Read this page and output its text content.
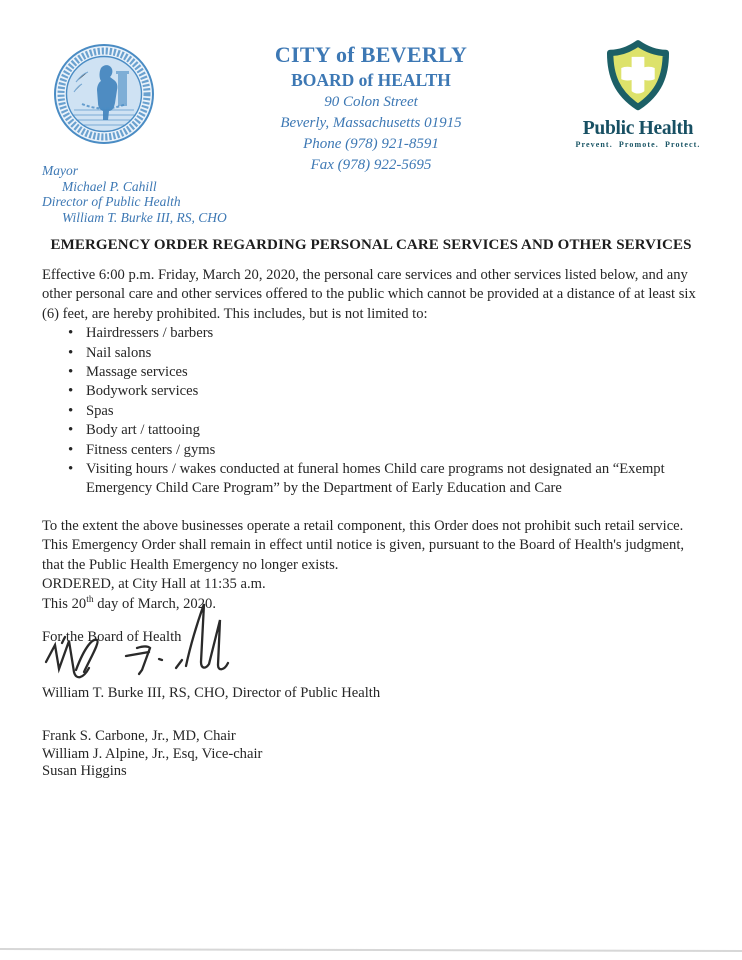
CITY of BEVERLY
BOARD of HEALTH
90 Colon Street
Beverly, Massachusetts 01915
Phone (978) 921-8591
Fax (978) 922-5695
Public Health
Prevent. Promote. Protect.
Mayor
Michael P. Cahill
Director of Public Health
William T. Burke III, RS, CHO
EMERGENCY ORDER REGARDING PERSONAL CARE SERVICES AND OTHER SERVICES

Effective 6:00 p.m. Friday, March 20, 2020, the personal care services and other services listed below, and any other personal care and other services offered to the public which cannot be provided at a distance of at least six (6) feet, are hereby prohibited. This includes, but is not limited to:

• Hairdressers / barbers
• Nail salons
• Massage services
• Bodywork services
• Spas
• Body art / tattooing
• Fitness centers / gyms
• Visiting hours / wakes conducted at funeral homes Child care programs not designated an “Exempt Emergency Child Care Program” by the Department of Early Education and Care

To the extent the above businesses operate a retail component, this Order does not prohibit such retail service.

This Emergency Order shall remain in effect until notice is given, pursuant to the Board of Health's judgment, that the Public Health Emergency no longer exists.

ORDERED, at City Hall at 11:35 a.m.
This 20th day of March, 2020.

For the Board of Health
William T. Burke III, RS, CHO, Director of Public Health
Frank S. Carbone, Jr., MD, Chair
William J. Alpine, Jr., Esq, Vice-chair
Susan Higgins
